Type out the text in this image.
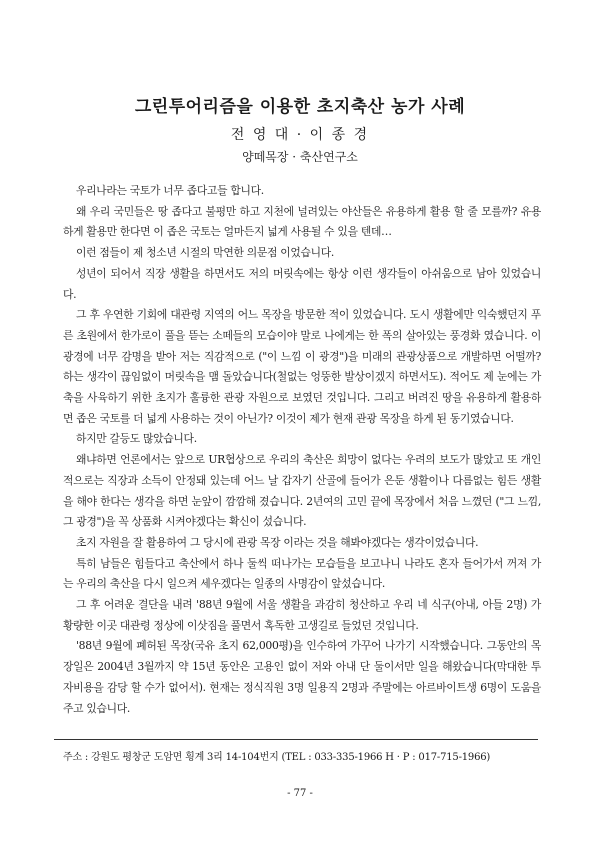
그린투어리즘을 이용한 초지축산 농가 사례
전 영 대 · 이 종 경
양떼목장 · 축산연구소

우리나라는 국토가 너무 좁다고들 합니다.

왜 우리 국민들은 땅 좁다고 불평만 하고 지천에 널려있는 야산들은 유용하게 활용 할 줄 모를까? 유용하게 활용만 한다면 이 좁은 국토는 얼마든지 넓게 사용될 수 있을 텐데…

이런 점들이 제 청소년 시절의 막연한 의문점 이었습니다.

성년이 되어서 직장 생활을 하면서도 저의 머릿속에는 항상 이런 생각들이 아쉬움으로 남아 있었습니다.

그 후 우연한 기회에 대관령 지역의 어느 목장을 방문한 적이 있었습니다. 도시 생활에만 익숙했던지 푸른 초원에서 한가로이 풀을 뜯는 소떼들의 모습이야 말로 나에게는 한 폭의 살아있는 풍경화 였습니다. 이 광경에 너무 감명을 받아 저는 직감적으로 ("이 느낌 이 광경")을 미래의 관광상품으로 개발하면 어떨까? 하는 생각이 끊임없이 머릿속을 맴 돌았습니다(철없는 엉뚱한 발상이겠지 하면서도). 적어도 제 눈에는 가축을 사육하기 위한 초지가 훌륭한 관광 자원으로 보였던 것입니다. 그리고 버려진 땅을 유용하게 활용하면 좁은 국토를 더 넓게 사용하는 것이 아닌가? 이것이 제가 현재 관광 목장을 하게 된 동기였습니다.

하지만 갈등도 많았습니다.

왜냐하면 언론에서는 앞으로 UR협상으로 우리의 축산은 희망이 없다는 우려의 보도가 많았고 또 개인적으로는 직장과 소득이 안정돼 있는데 어느 날 갑자기 산골에 들어가 은둔 생활이나 다름없는 힘든 생활을 해야 한다는 생각을 하면 눈앞이 깜깜해 졌습니다. 2년여의 고민 끝에 목장에서 처음 느꼈던 ("그 느낌, 그 광경")을 꼭 상품화 시켜야겠다는 확신이 섰습니다.

초지 자원을 잘 활용하여 그 당시에 관광 목장 이라는 것을 해봐야겠다는 생각이었습니다.

특히 남들은 힘들다고 축산에서 하나 둘씩 떠나가는 모습들을 보고나니 나라도 혼자 들어가서 꺼져 가는 우리의 축산을 다시 일으켜 세우겠다는 일종의 사명감이 앞섰습니다.

그 후 어려운 결단을 내려 '88년 9월에 서울 생활을 과감히 청산하고 우리 네 식구(아내, 아들 2명) 가 황량한 이곳 대관령 정상에 이삿짐을 풀면서 혹독한 고생길로 들었던 것입니다.

'88년 9월에 폐허된 목장(국유 초지 62,000평)을 인수하여 가꾸어 나가기 시작했습니다. 그동안의 목장일은 2004년 3월까지 약 15년 동안은 고용인 없이 저와 아내 단 둘이서만 일을 해왔습니다(막대한 투자비용을 감당 할 수가 없어서). 현재는 정식직원 3명 일용직 2명과 주말에는 아르바이트생 6명이 도움을 주고 있습니다.

주소 : 강원도 평창군 도암면 횡계 3리 14-104번지 (TEL : 033-335-1966 H · P : 017-715-1966)
- 77 -
